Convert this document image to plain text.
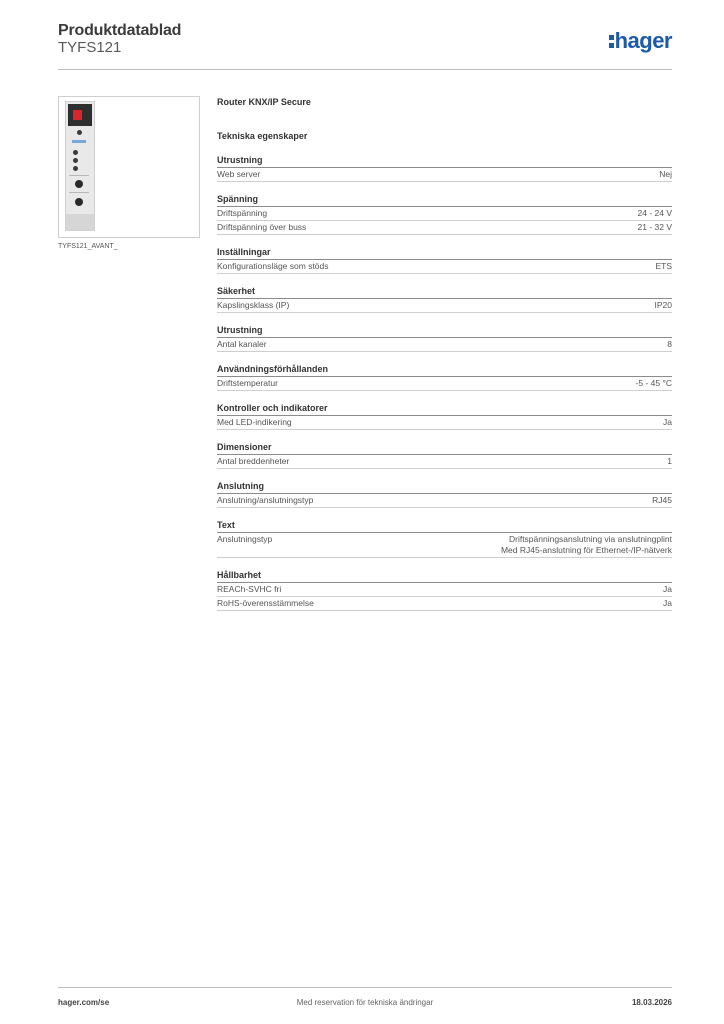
Produktdatablad
TYFS121	hager
TYFS121_AVANT_
Router KNX/IP Secure
Tekniska egenskaper
Utrustning
Web server	Nej
Spänning
Driftspänning	24 - 24 V
Driftspänning över buss	21 - 32 V
Inställningar
Konfigurationsläge som stöds	ETS
Säkerhet
Kapslingsklass (IP)	IP20
Utrustning
Antal kanaler	8
Användningsförhållanden
Driftstemperatur	-5 - 45 °C
Kontroller och indikatorer
Med LED-indikering	Ja
Dimensioner
Antal breddenheter	1
Anslutning
Anslutning/anslutningstyp	RJ45
Text
Anslutningstyp	Driftspänningsanslutning via anslutningplint
Med RJ45-anslutning för Ethernet-/IP-nätverk
Hållbarhet
REACh-SVHC fri	Ja
RoHS-överensstämmelse	Ja
hager.com/se	Med reservation för tekniska ändringar	18.03.2026
